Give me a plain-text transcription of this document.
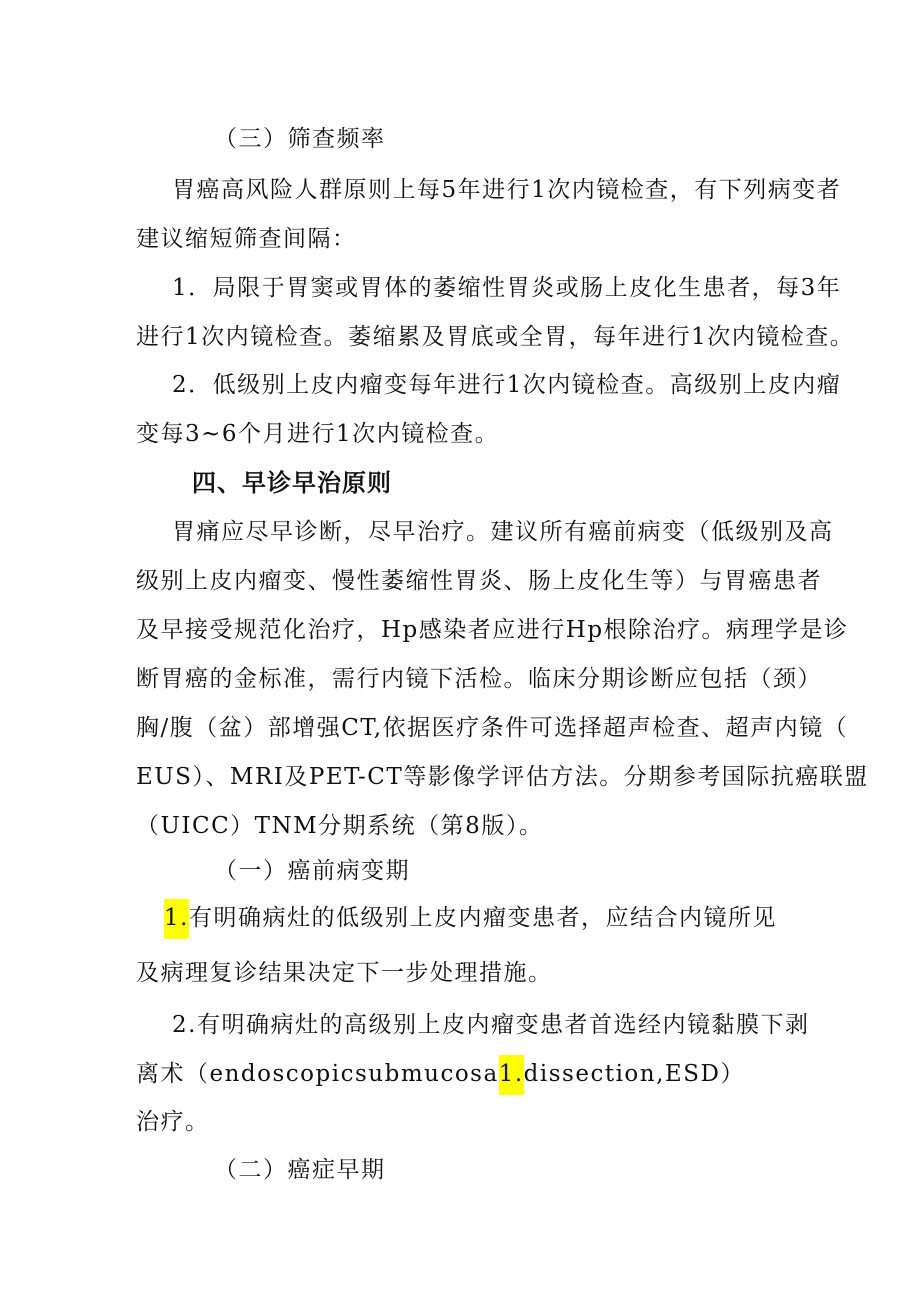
（三）筛查频率
胃癌高风险人群原则上每5年进行1次内镜检查，有下列病变者
建议缩短筛查间隔：
1．局限于胃窦或胃体的萎缩性胃炎或肠上皮化生患者，每3年
进行1次内镜检查。萎缩累及胃底或全胃，每年进行1次内镜检查。
2．低级别上皮内瘤变每年进行1次内镜检查。高级别上皮内瘤
变每3~6个月进行1次内镜检查。
四、早诊早治原则
胃痛应尽早诊断，尽早治疗。建议所有癌前病变（低级别及高
级别上皮内瘤变、慢性萎缩性胃炎、肠上皮化生等）与胃癌患者
及早接受规范化治疗，Hp感染者应进行Hp根除治疗。病理学是诊
断胃癌的金标准，需行内镜下活检。临床分期诊断应包括（颈）
胸/腹（盆）部增强CT,依据医疗条件可选择超声检查、超声内镜（
EUS）、MRI及PET-CT等影像学评估方法。分期参考国际抗癌联盟
（UICC）TNM分期系统（第8版）。
（一）癌前病变期
1.有明确病灶的低级别上皮内瘤变患者，应结合内镜所见
及病理复诊结果决定下一步处理措施。
2.有明确病灶的高级别上皮内瘤变患者首选经内镜黏膜下剥
离术（endoscopicsubmucosa1.dissection,ESD）
治疗。
（二）癌症早期
